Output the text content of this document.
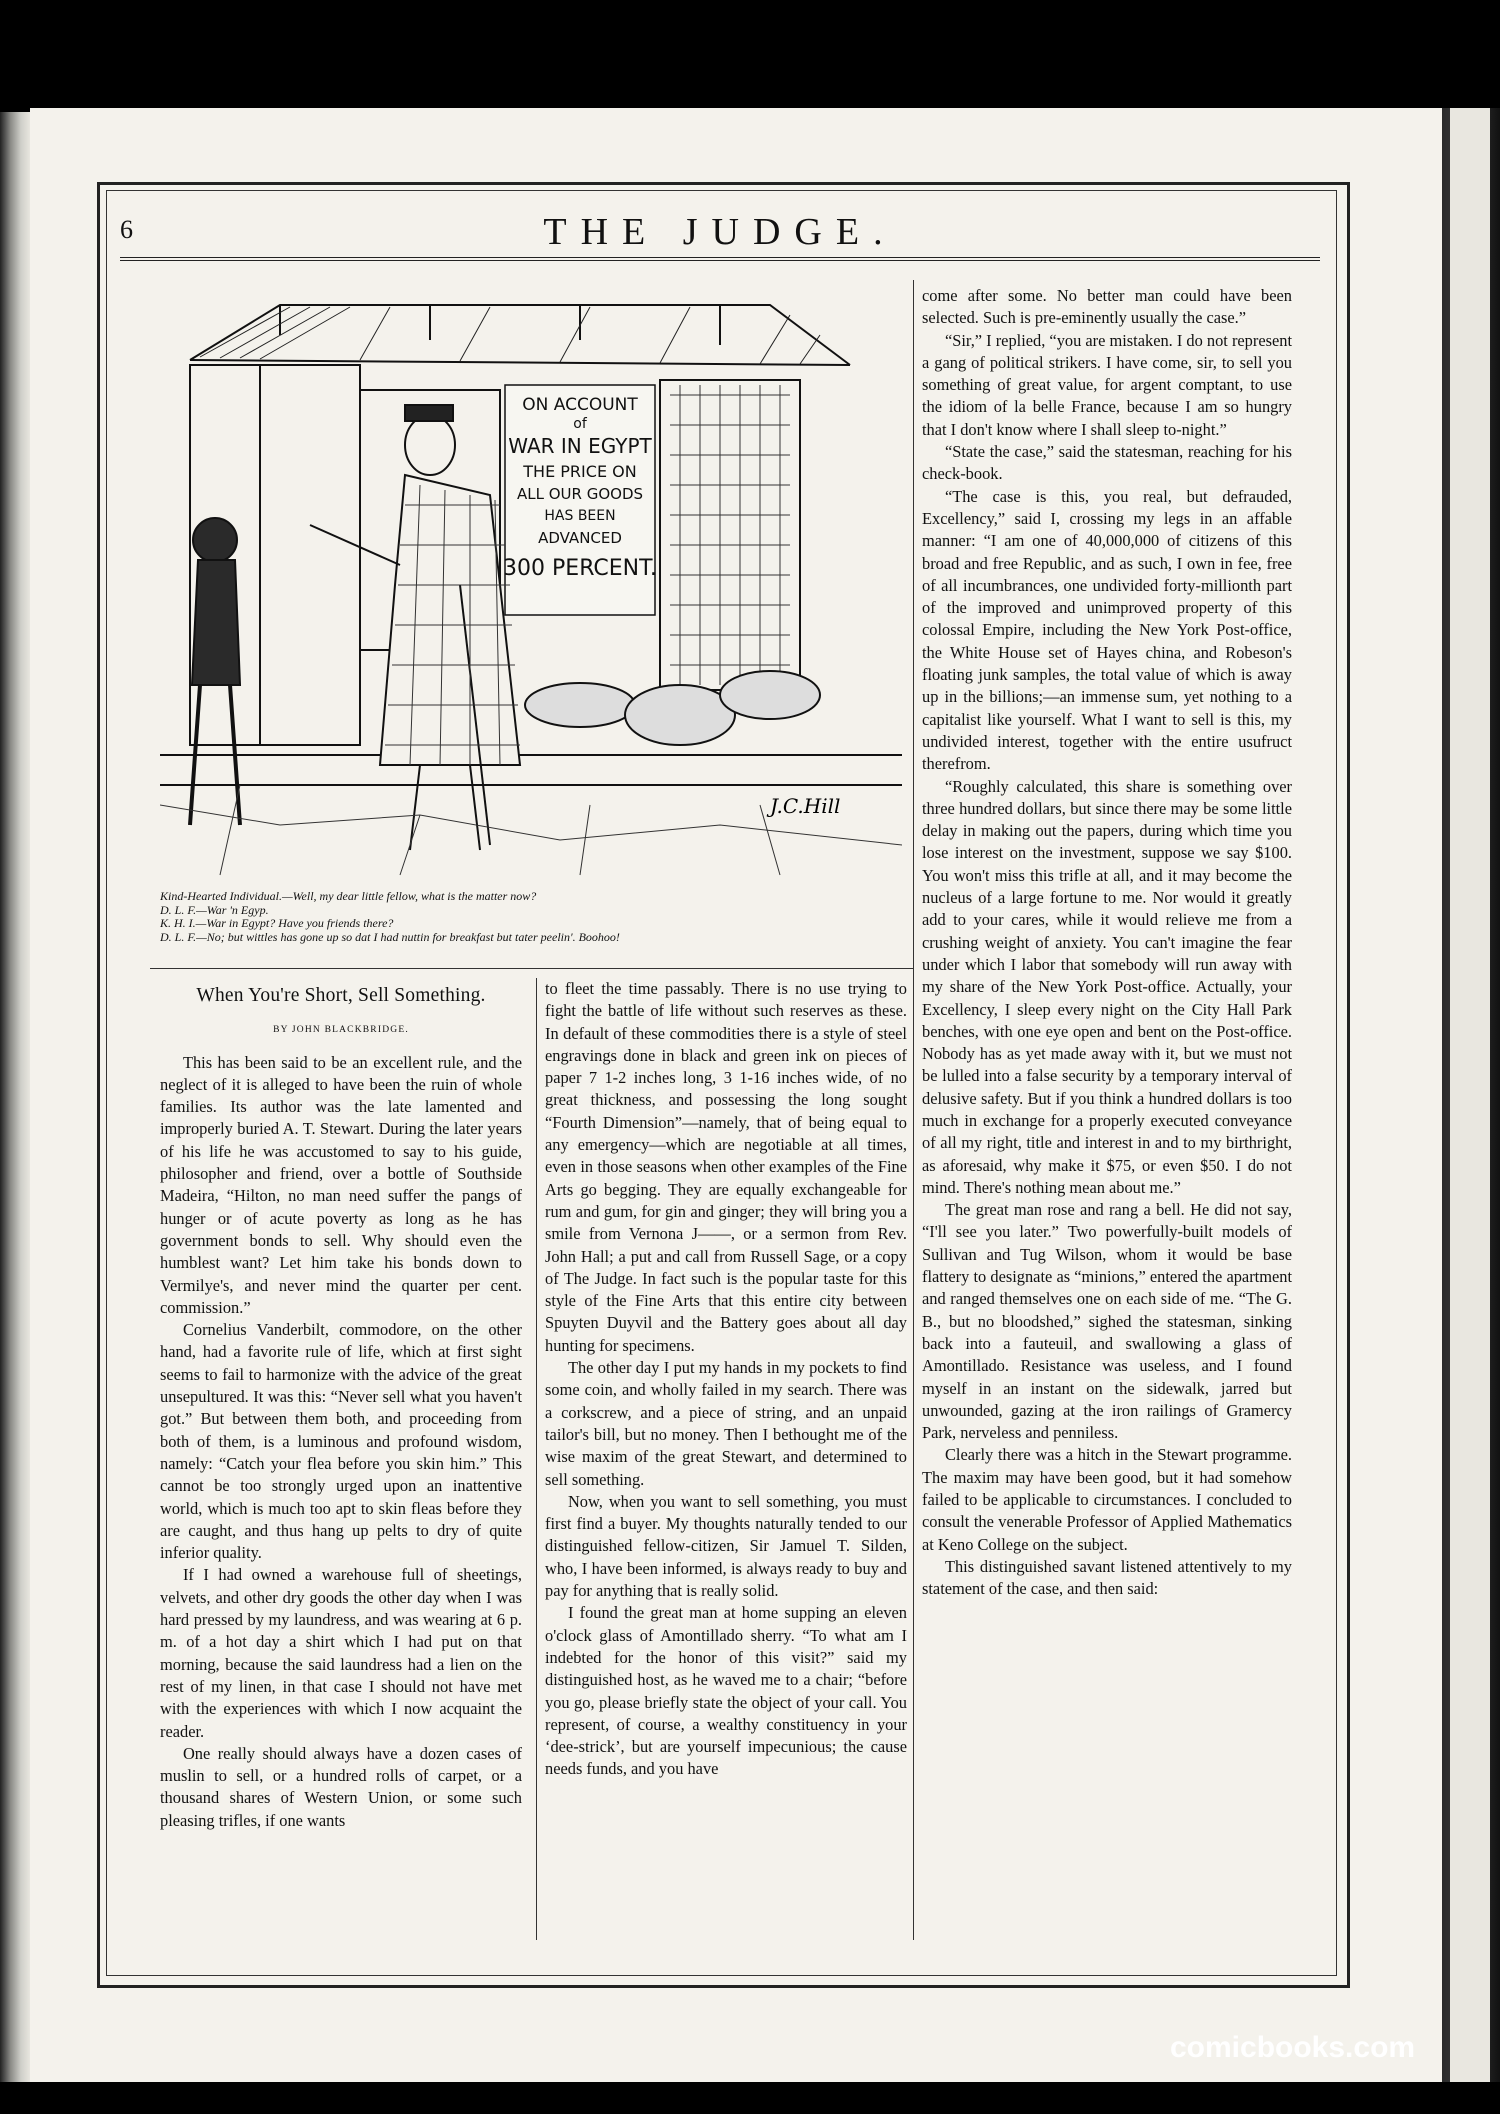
6	THE JUDGE.
ON ACCOUNT
of
WAR IN EGYPT
THE PRICE ON
ALL OUR GOODS
HAS BEEN
ADVANCED
300 PERCENT.
J.C.Hill
Kind-Hearted Individual.—Well, my dear little fellow, what is the matter now?
D. L. F.—War 'n Egyp.
K. H. I.—War in Egypt? Have you friends there?
D. L. F.—No; but wittles has gone up so dat I had nuttin for breakfast but tater peelin'. Boohoo!
When You're Short, Sell Something.
BY JOHN BLACKBRIDGE.

This has been said to be an excellent rule, and the neglect of it is alleged to have been the ruin of whole families. Its author was the late lamented and improperly buried A. T. Stewart. During the later years of his life he was accustomed to say to his guide, philosopher and friend, over a bottle of Southside Madeira, “Hilton, no man need suffer the pangs of hunger or of acute poverty as long as he has government bonds to sell. Why should even the humblest want? Let him take his bonds down to Vermilye's, and never mind the quarter per cent. commission.”

Cornelius Vanderbilt, commodore, on the other hand, had a favorite rule of life, which at first sight seems to fail to harmonize with the advice of the great unsepultured. It was this: “Never sell what you haven't got.” But between them both, and proceeding from both of them, is a luminous and profound wisdom, namely: “Catch your flea before you skin him.” This cannot be too strongly urged upon an inattentive world, which is much too apt to skin fleas before they are caught, and thus hang up pelts to dry of quite inferior quality.

If I had owned a warehouse full of sheetings, velvets, and other dry goods the other day when I was hard pressed by my laundress, and was wearing at 6 p. m. of a hot day a shirt which I had put on that morning, because the said laundress had a lien on the rest of my linen, in that case I should not have met with the experiences with which I now acquaint the reader.

One really should always have a dozen cases of muslin to sell, or a hundred rolls of carpet, or a thousand shares of Western Union, or some such pleasing trifles, if one wants

to fleet the time passably. There is no use trying to fight the battle of life without such reserves as these. In default of these commodities there is a style of steel engravings done in black and green ink on pieces of paper 7 1-2 inches long, 3 1-16 inches wide, of no great thickness, and possessing the long sought “Fourth Dimension”—namely, that of being equal to any emergency—which are negotiable at all times, even in those seasons when other examples of the Fine Arts go begging. They are equally exchangeable for rum and gum, for gin and ginger; they will bring you a smile from Vernona J——, or a sermon from Rev. John Hall; a put and call from Russell Sage, or a copy of The Judge. In fact such is the popular taste for this style of the Fine Arts that this entire city between Spuyten Duyvil and the Battery goes about all day hunting for specimens.

The other day I put my hands in my pockets to find some coin, and wholly failed in my search. There was a corkscrew, and a piece of string, and an unpaid tailor's bill, but no money. Then I bethought me of the wise maxim of the great Stewart, and determined to sell something.

Now, when you want to sell something, you must first find a buyer. My thoughts naturally tended to our distinguished fellow-citizen, Sir Jamuel T. Silden, who, I have been informed, is always ready to buy and pay for anything that is really solid.

I found the great man at home supping an eleven o'clock glass of Amontillado sherry. “To what am I indebted for the honor of this visit?” said my distinguished host, as he waved me to a chair; “before you go, please briefly state the object of your call. You represent, of course, a wealthy constituency in your ‘dee-strick’, but are yourself impecunious; the cause needs funds, and you have

come after some. No better man could have been selected. Such is pre-eminently usually the case.”

“Sir,” I replied, “you are mistaken. I do not represent a gang of political strikers. I have come, sir, to sell you something of great value, for argent comptant, to use the idiom of la belle France, because I am so hungry that I don't know where I shall sleep to-night.”

“State the case,” said the statesman, reaching for his check-book.

“The case is this, you real, but defrauded, Excellency,” said I, crossing my legs in an affable manner: “I am one of 40,000,000 of citizens of this broad and free Republic, and as such, I own in fee, free of all incumbrances, one undivided forty-millionth part of the improved and unimproved property of this colossal Empire, including the New York Post-office, the White House set of Hayes china, and Robeson's floating junk samples, the total value of which is away up in the billions;—an immense sum, yet nothing to a capitalist like yourself. What I want to sell is this, my undivided interest, together with the entire usufruct therefrom.

“Roughly calculated, this share is something over three hundred dollars, but since there may be some little delay in making out the papers, during which time you lose interest on the investment, suppose we say $100. You won't miss this trifle at all, and it may become the nucleus of a large fortune to me. Nor would it greatly add to your cares, while it would relieve me from a crushing weight of anxiety. You can't imagine the fear under which I labor that somebody will run away with my share of the New York Post-office. Actually, your Excellency, I sleep every night on the City Hall Park benches, with one eye open and bent on the Post-office. Nobody has as yet made away with it, but we must not be lulled into a false security by a temporary interval of delusive safety. But if you think a hundred dollars is too much in exchange for a properly executed conveyance of all my right, title and interest in and to my birthright, as aforesaid, why make it $75, or even $50. I do not mind. There's nothing mean about me.”

The great man rose and rang a bell. He did not say, “I'll see you later.” Two powerfully-built models of Sullivan and Tug Wilson, whom it would be base flattery to designate as “minions,” entered the apartment and ranged themselves one on each side of me. “The G. B., but no bloodshed,” sighed the statesman, sinking back into a fauteuil, and swallowing a glass of Amontillado. Resistance was useless, and I found myself in an instant on the sidewalk, jarred but unwounded, gazing at the iron railings of Gramercy Park, nerveless and penniless.

Clearly there was a hitch in the Stewart programme. The maxim may have been good, but it had somehow failed to be applicable to circumstances. I concluded to consult the venerable Professor of Applied Mathematics at Keno College on the subject.

This distinguished savant listened attentively to my statement of the case, and then said:

comicbooks.com
